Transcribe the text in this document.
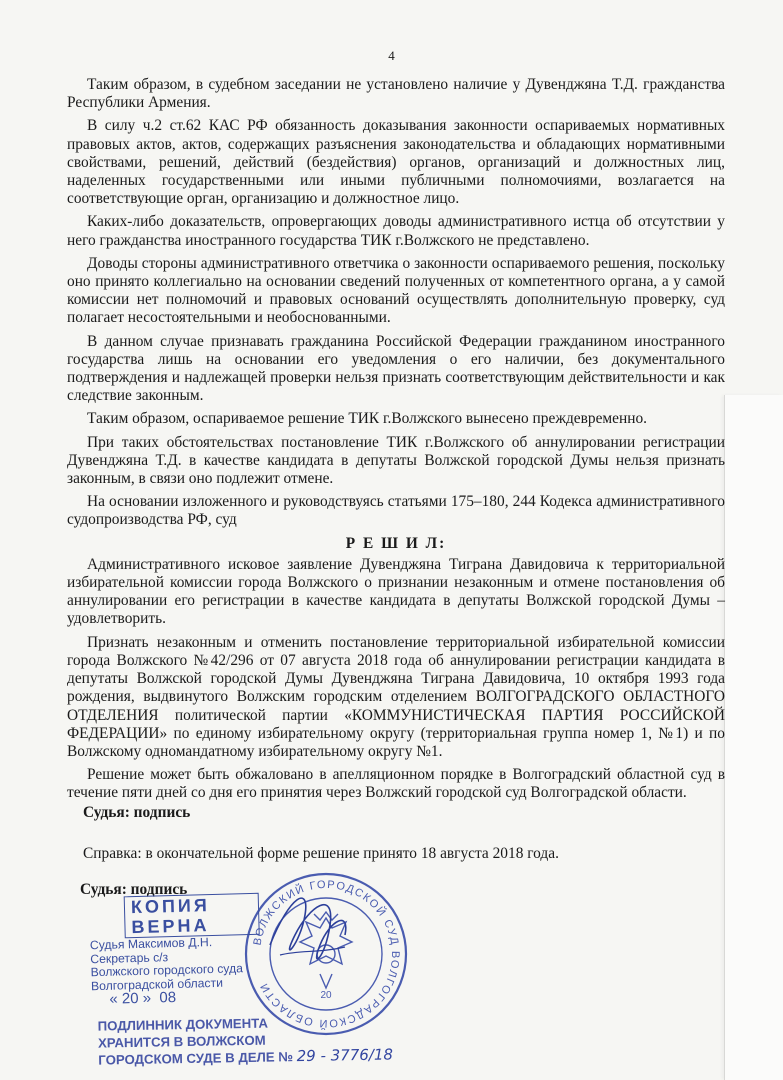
4

Таким образом, в судебном заседании не установлено наличие у Дувенджяна Т.Д. гражданства Республики Армения.

В силу ч.2 ст.62 КАС РФ обязанность доказывания законности оспариваемых нормативных правовых актов, актов, содержащих разъяснения законодательства и обладающих нормативными свойствами, решений, действий (бездействия) органов, организаций и должностных лиц, наделенных государственными или иными публичными полномочиями, возлагается на соответствующие орган, организацию и должностное лицо.

Каких-либо доказательств, опровергающих доводы административного истца об отсутствии у него гражданства иностранного государства ТИК г.Волжского не представлено.

Доводы стороны административного ответчика о законности оспариваемого решения, поскольку оно принято коллегиально на основании сведений полученных от компетентного органа, а у самой комиссии нет полномочий и правовых оснований осуществлять дополнительную проверку, суд полагает несостоятельными и необоснованными.

В данном случае признавать гражданина Российской Федерации гражданином иностранного государства лишь на основании его уведомления о его наличии, без документального подтверждения и надлежащей проверки нельзя признать соответствующим действительности и как следствие законным.

Таким образом, оспариваемое решение ТИК г.Волжского вынесено преждевременно.

При таких обстоятельствах постановление ТИК г.Волжского об аннулировании регистрации Дувенджяна Т.Д. в качестве кандидата в депутаты Волжской городской Думы нельзя признать законным, в связи оно подлежит отмене.

На основании изложенного и руководствуясь статьями 175–180, 244 Кодекса административного судопроизводства РФ, суд

Р Е Ш И Л:

Административного исковое заявление Дувенджяна Тиграна Давидовича к территориальной избирательной комиссии города Волжского о признании незаконным и отмене постановления об аннулировании его регистрации в качестве кандидата в депутаты Волжской городской Думы – удовлетворить.

Признать незаконным и отменить постановление территориальной избирательной комиссии города Волжского №42/296 от 07 августа 2018 года об аннулировании регистрации кандидата в депутаты Волжской городской Думы Дувенджяна Тиграна Давидовича, 10 октября 1993 года рождения, выдвинутого Волжским городским отделением ВОЛГОГРАДСКОГО ОБЛАСТНОГО ОТДЕЛЕНИЯ политической партии «КОММУНИСТИЧЕСКАЯ ПАРТИЯ РОССИЙСКОЙ ФЕДЕРАЦИИ» по единому избирательному округу (территориальная группа номер 1, №1) и по Волжскому одномандатному избирательному округу №1.

Решение может быть обжаловано в апелляционном порядке в Волгоградский областной суд в течение пяти дней со дня его принятия через Волжский городской суд Волгоградской области.

Судья: подпись
Справка: в окончательной форме решение принято 18 августа 2018 года.
Судья: подпись
ВОЛЖСКИЙ ГОРОДСКОЙ СУД ВОЛГОГРАДСКОЙ ОБЛАСТИ
20
КОПИЯ ВЕРНА
Судья Максимов Д.Н.
Секретарь с/з
Волжского городского суда
Волгоградской области
« 20 »  08
ПОДЛИННИК ДОКУМЕНТА
ХРАНИТСЯ В ВОЛЖСКОМ
ГОРОДСКОМ СУДЕ В ДЕЛЕ № 29 - 3776/18
